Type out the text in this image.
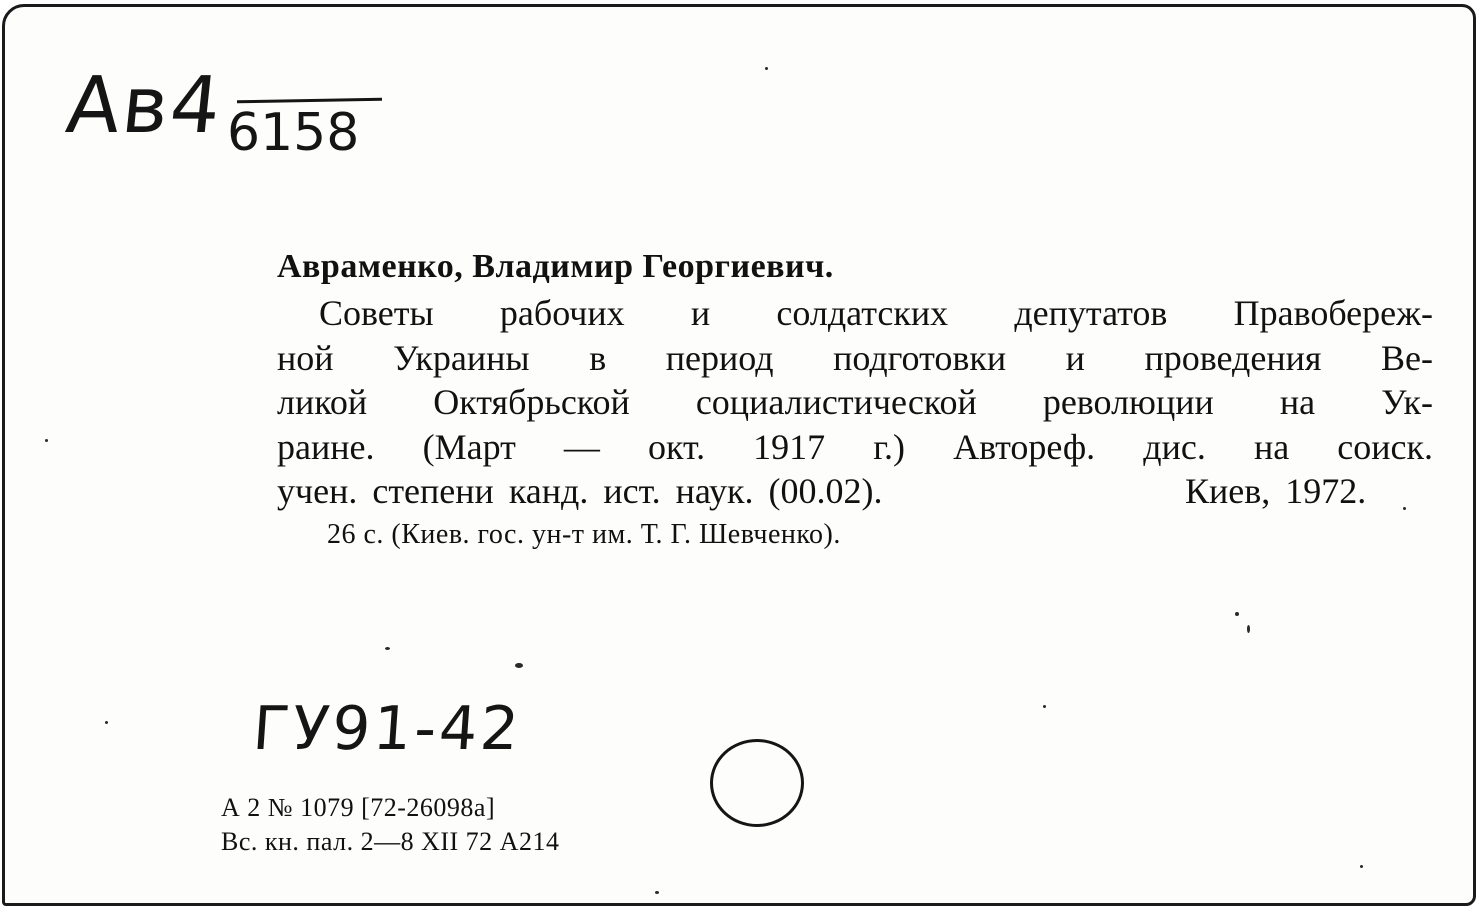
Ав4 6158
Авраменко, Владимир Георгиевич.
Советы рабочих и солдатских депутатов Правобереж-
ной Украины в период подготовки и проведения Ве-
ликой Октябрьской социалистической революции на Ук-
раине. (Март — окт. 1917 г.) Автореф. дис. на соиск.
учен. степени канд. ист. наук. (00.02).	Киев, 1972.
26 с. (Киев. гос. ун-т им. Т. Г. Шевченко).
ГУ91-42
А 2 № 1079 [72-26098а]
Вс. кн. пал. 2—8 XII 72 А214
